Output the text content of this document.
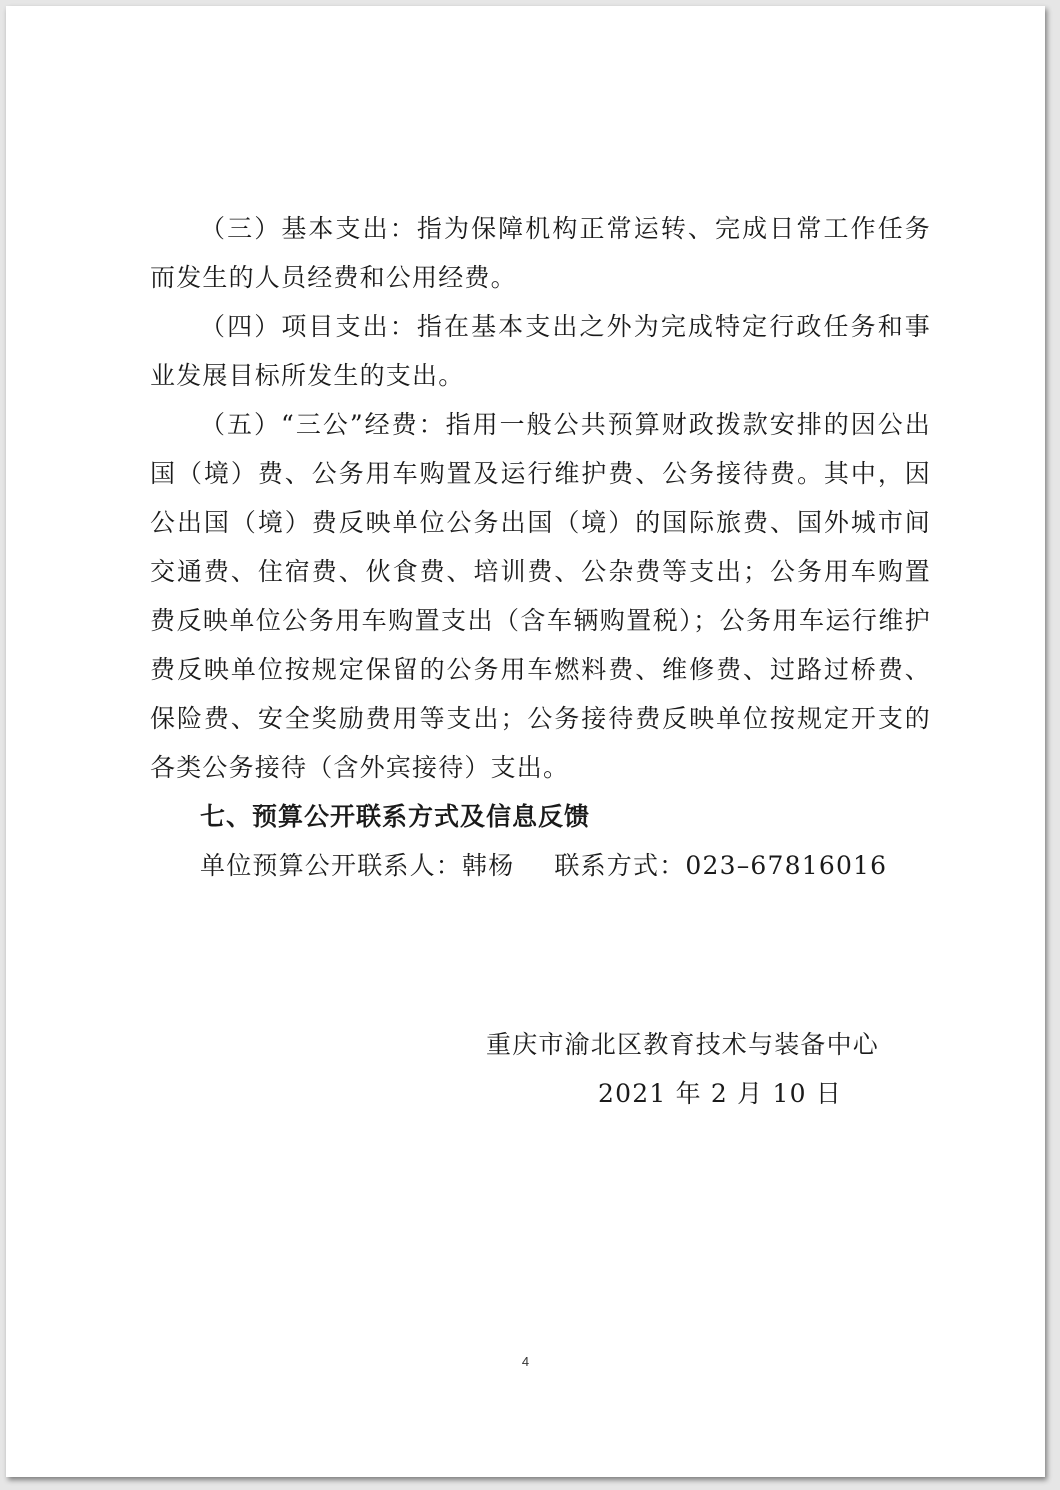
（三）基本支出：指为保障机构正常运转、完成日常工作任务而发生的人员经费和公用经费。

（四）项目支出：指在基本支出之外为完成特定行政任务和事业发展目标所发生的支出。

（五）“三公”经费：指用一般公共预算财政拨款安排的因公出国（境）费、公务用车购置及运行维护费、公务接待费。其中，因公出国（境）费反映单位公务出国（境）的国际旅费、国外城市间交通费、住宿费、伙食费、培训费、公杂费等支出；公务用车购置费反映单位公务用车购置支出（含车辆购置税）；公务用车运行维护费反映单位按规定保留的公务用车燃料费、维修费、过路过桥费、保险费、安全奖励费用等支出；公务接待费反映单位按规定开支的各类公务接待（含外宾接待）支出。

七、预算公开联系方式及信息反馈

单位预算公开联系人：韩杨 联系方式：023–67816016

重庆市渝北区教育技术与装备中心
2021 年 2 月 10 日
4
